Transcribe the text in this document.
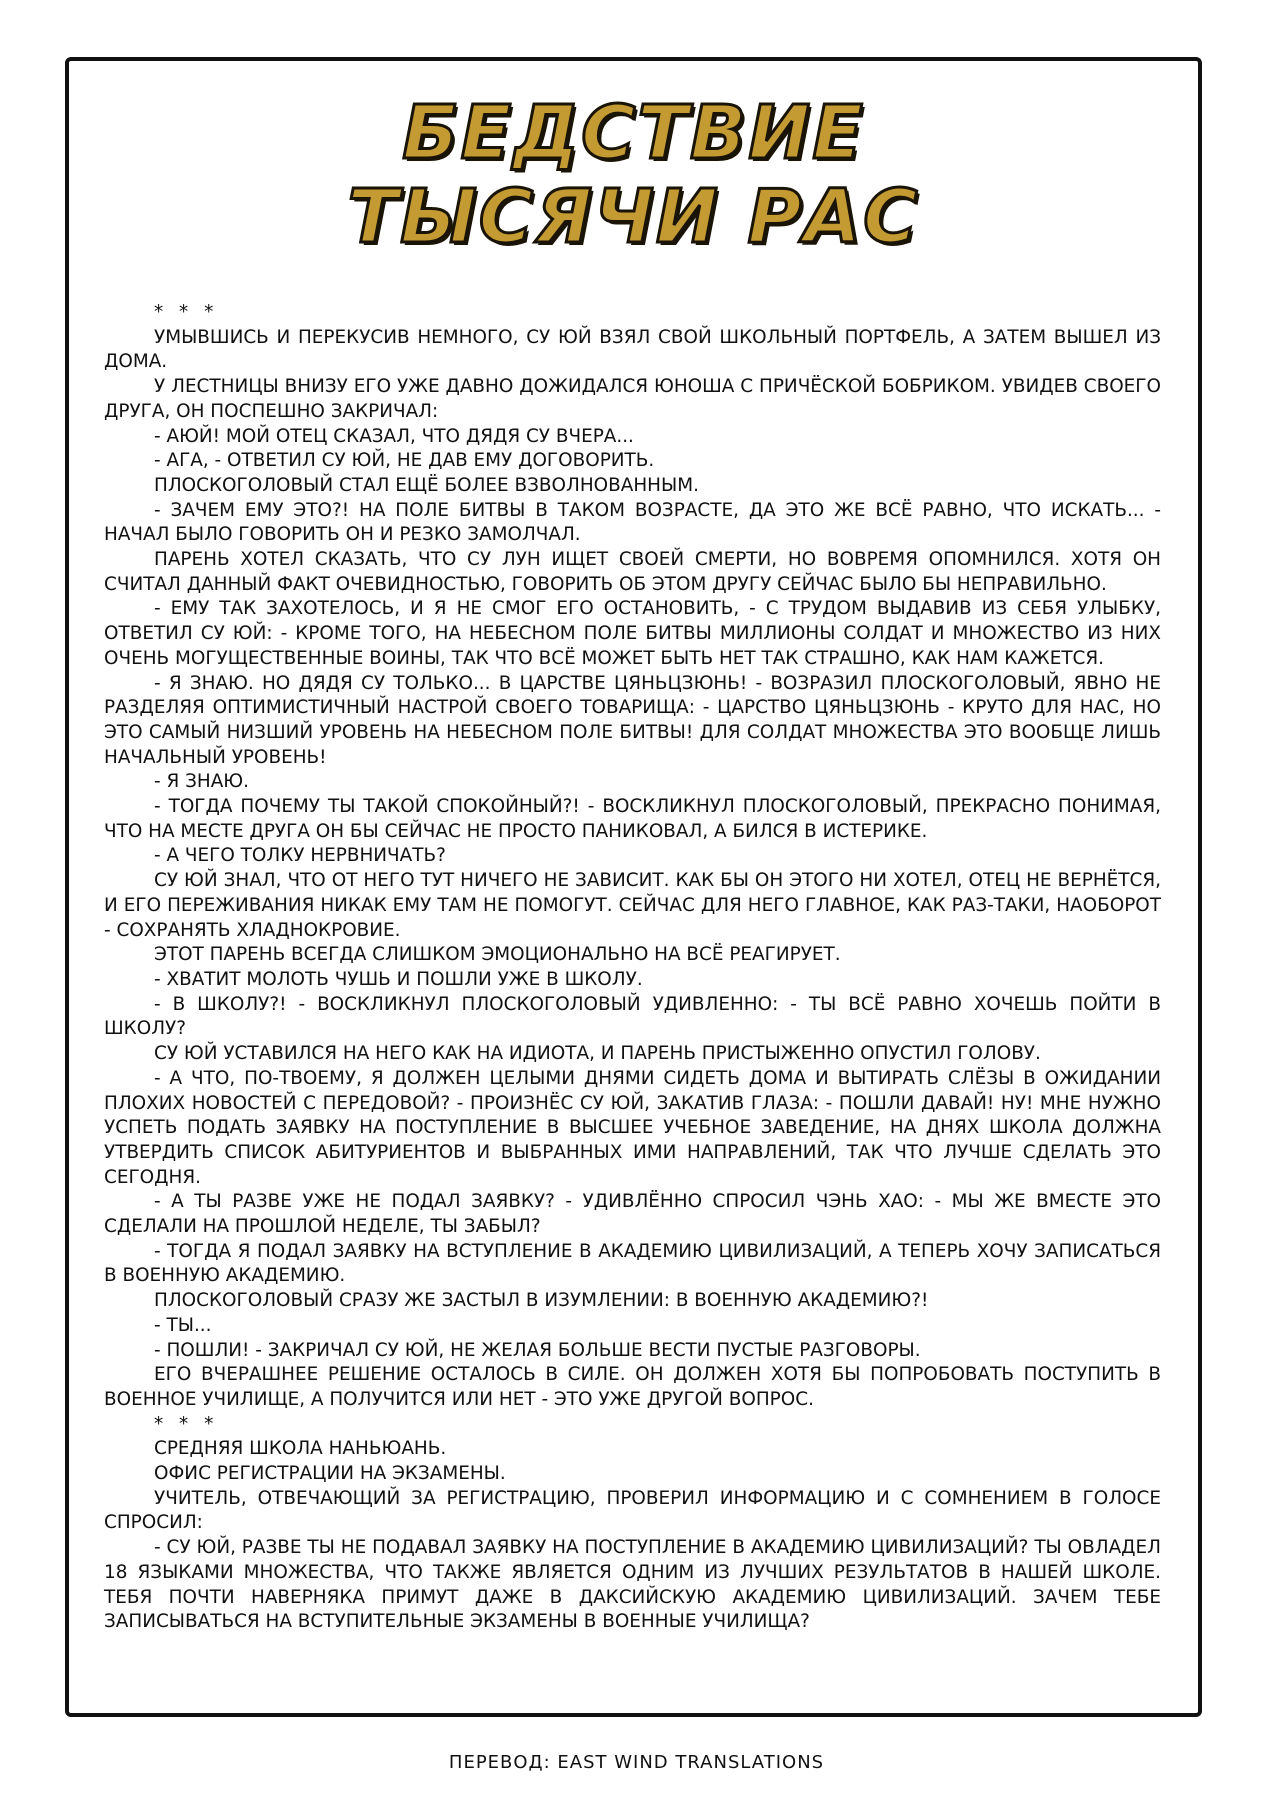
БЕДСТВИЕ
ТЫСЯЧИ РАС

* * *

УМЫВШИСЬ И ПЕРЕКУСИВ НЕМНОГО, СУ ЮЙ ВЗЯЛ СВОЙ ШКОЛЬНЫЙ ПОРТФЕЛЬ, А ЗАТЕМ ВЫШЕЛ ИЗ ДОМА.

У ЛЕСТНИЦЫ ВНИЗУ ЕГО УЖЕ ДАВНО ДОЖИДАЛСЯ ЮНОША С ПРИЧЁСКОЙ БОБРИКОМ. УВИДЕВ СВОЕГО ДРУГА, ОН ПОСПЕШНО ЗАКРИЧАЛ:

- АЮЙ! МОЙ ОТЕЦ СКАЗАЛ, ЧТО ДЯДЯ СУ ВЧЕРА...

- АГА, - ОТВЕТИЛ СУ ЮЙ, НЕ ДАВ ЕМУ ДОГОВОРИТЬ.

ПЛОСКОГОЛОВЫЙ СТАЛ ЕЩЁ БОЛЕЕ ВЗВОЛНОВАННЫМ.

- ЗАЧЕМ ЕМУ ЭТО?! НА ПОЛЕ БИТВЫ В ТАКОМ ВОЗРАСТЕ, ДА ЭТО ЖЕ ВСЁ РАВНО, ЧТО ИСКАТЬ... - НАЧАЛ БЫЛО ГОВОРИТЬ ОН И РЕЗКО ЗАМОЛЧАЛ.

ПАРЕНЬ ХОТЕЛ СКАЗАТЬ, ЧТО СУ ЛУН ИЩЕТ СВОЕЙ СМЕРТИ, НО ВОВРЕМЯ ОПОМНИЛСЯ. ХОТЯ ОН СЧИТАЛ ДАННЫЙ ФАКТ ОЧЕВИДНОСТЬЮ, ГОВОРИТЬ ОБ ЭТОМ ДРУГУ СЕЙЧАС БЫЛО БЫ НЕПРАВИЛЬНО.

- ЕМУ ТАК ЗАХОТЕЛОСЬ, И Я НЕ СМОГ ЕГО ОСТАНОВИТЬ, - С ТРУДОМ ВЫДАВИВ ИЗ СЕБЯ УЛЫБКУ, ОТВЕТИЛ СУ ЮЙ: - КРОМЕ ТОГО, НА НЕБЕСНОМ ПОЛЕ БИТВЫ МИЛЛИОНЫ СОЛДАТ И МНОЖЕСТВО ИЗ НИХ ОЧЕНЬ МОГУЩЕСТВЕННЫЕ ВОИНЫ, ТАК ЧТО ВСЁ МОЖЕТ БЫТЬ НЕТ ТАК СТРАШНО, КАК НАМ КАЖЕТСЯ.

- Я ЗНАЮ. НО ДЯДЯ СУ ТОЛЬКО... В ЦАРСТВЕ ЦЯНЬЦЗЮНЬ! - ВОЗРАЗИЛ ПЛОСКОГОЛОВЫЙ, ЯВНО НЕ РАЗДЕЛЯЯ ОПТИМИСТИЧНЫЙ НАСТРОЙ СВОЕГО ТОВАРИЩА: - ЦАРСТВО ЦЯНЬЦЗЮНЬ - КРУТО ДЛЯ НАС, НО ЭТО САМЫЙ НИЗШИЙ УРОВЕНЬ НА НЕБЕСНОМ ПОЛЕ БИТВЫ! ДЛЯ СОЛДАТ МНОЖЕСТВА ЭТО ВООБЩЕ ЛИШЬ НАЧАЛЬНЫЙ УРОВЕНЬ!

- Я ЗНАЮ.

- ТОГДА ПОЧЕМУ ТЫ ТАКОЙ СПОКОЙНЫЙ?! - ВОСКЛИКНУЛ ПЛОСКОГОЛОВЫЙ, ПРЕКРАСНО ПОНИМАЯ, ЧТО НА МЕСТЕ ДРУГА ОН БЫ СЕЙЧАС НЕ ПРОСТО ПАНИКОВАЛ, А БИЛСЯ В ИСТЕРИКЕ.

- А ЧЕГО ТОЛКУ НЕРВНИЧАТЬ?

СУ ЮЙ ЗНАЛ, ЧТО ОТ НЕГО ТУТ НИЧЕГО НЕ ЗАВИСИТ. КАК БЫ ОН ЭТОГО НИ ХОТЕЛ, ОТЕЦ НЕ ВЕРНЁТСЯ, И ЕГО ПЕРЕЖИВАНИЯ НИКАК ЕМУ ТАМ НЕ ПОМОГУТ. СЕЙЧАС ДЛЯ НЕГО ГЛАВНОЕ, КАК РАЗ-ТАКИ, НАОБОРОТ - СОХРАНЯТЬ ХЛАДНОКРОВИЕ.

ЭТОТ ПАРЕНЬ ВСЕГДА СЛИШКОМ ЭМОЦИОНАЛЬНО НА ВСЁ РЕАГИРУЕТ.

- ХВАТИТ МОЛОТЬ ЧУШЬ И ПОШЛИ УЖЕ В ШКОЛУ.

- В ШКОЛУ?! - ВОСКЛИКНУЛ ПЛОСКОГОЛОВЫЙ УДИВЛЕННО: - ТЫ ВСЁ РАВНО ХОЧЕШЬ ПОЙТИ В ШКОЛУ?

СУ ЮЙ УСТАВИЛСЯ НА НЕГО КАК НА ИДИОТА, И ПАРЕНЬ ПРИСТЫЖЕННО ОПУСТИЛ ГОЛОВУ.

- А ЧТО, ПО-ТВОЕМУ, Я ДОЛЖЕН ЦЕЛЫМИ ДНЯМИ СИДЕТЬ ДОМА И ВЫТИРАТЬ СЛЁЗЫ В ОЖИДАНИИ ПЛОХИХ НОВОСТЕЙ С ПЕРЕДОВОЙ? - ПРОИЗНЁС СУ ЮЙ, ЗАКАТИВ ГЛАЗА: - ПОШЛИ ДАВАЙ! НУ! МНЕ НУЖНО УСПЕТЬ ПОДАТЬ ЗАЯВКУ НА ПОСТУПЛЕНИЕ В ВЫСШЕЕ УЧЕБНОЕ ЗАВЕДЕНИЕ, НА ДНЯХ ШКОЛА ДОЛЖНА УТВЕРДИТЬ СПИСОК АБИТУРИЕНТОВ И ВЫБРАННЫХ ИМИ НАПРАВЛЕНИЙ, ТАК ЧТО ЛУЧШЕ СДЕЛАТЬ ЭТО СЕГОДНЯ.

- А ТЫ РАЗВЕ УЖЕ НЕ ПОДАЛ ЗАЯВКУ? - УДИВЛЁННО СПРОСИЛ ЧЭНЬ ХАО: - МЫ ЖЕ ВМЕСТЕ ЭТО СДЕЛАЛИ НА ПРОШЛОЙ НЕДЕЛЕ, ТЫ ЗАБЫЛ?

- ТОГДА Я ПОДАЛ ЗАЯВКУ НА ВСТУПЛЕНИЕ В АКАДЕМИЮ ЦИВИЛИЗАЦИЙ, А ТЕПЕРЬ ХОЧУ ЗАПИСАТЬСЯ В ВОЕННУЮ АКАДЕМИЮ.

ПЛОСКОГОЛОВЫЙ СРАЗУ ЖЕ ЗАСТЫЛ В ИЗУМЛЕНИИ: В ВОЕННУЮ АКАДЕМИЮ?!

- ТЫ...

- ПОШЛИ! - ЗАКРИЧАЛ СУ ЮЙ, НЕ ЖЕЛАЯ БОЛЬШЕ ВЕСТИ ПУСТЫЕ РАЗГОВОРЫ.

ЕГО ВЧЕРАШНЕЕ РЕШЕНИЕ ОСТАЛОСЬ В СИЛЕ. ОН ДОЛЖЕН ХОТЯ БЫ ПОПРОБОВАТЬ ПОСТУПИТЬ В ВОЕННОЕ УЧИЛИЩЕ, А ПОЛУЧИТСЯ ИЛИ НЕТ - ЭТО УЖЕ ДРУГОЙ ВОПРОС.

* * *

СРЕДНЯЯ ШКОЛА НАНЬЮАНЬ.

ОФИС РЕГИСТРАЦИИ НА ЭКЗАМЕНЫ.

УЧИТЕЛЬ, ОТВЕЧАЮЩИЙ ЗА РЕГИСТРАЦИЮ, ПРОВЕРИЛ ИНФОРМАЦИЮ И С СОМНЕНИЕМ В ГОЛОСЕ СПРОСИЛ:

- СУ ЮЙ, РАЗВЕ ТЫ НЕ ПОДАВАЛ ЗАЯВКУ НА ПОСТУПЛЕНИЕ В АКАДЕМИЮ ЦИВИЛИЗАЦИЙ? ТЫ ОВЛАДЕЛ 18 ЯЗЫКАМИ МНОЖЕСТВА, ЧТО ТАКЖЕ ЯВЛЯЕТСЯ ОДНИМ ИЗ ЛУЧШИХ РЕЗУЛЬТАТОВ В НАШЕЙ ШКОЛЕ. ТЕБЯ ПОЧТИ НАВЕРНЯКА ПРИМУТ ДАЖЕ В ДАКСИЙСКУЮ АКАДЕМИЮ ЦИВИЛИЗАЦИЙ. ЗАЧЕМ ТЕБЕ ЗАПИСЫВАТЬСЯ НА ВСТУПИТЕЛЬНЫЕ ЭКЗАМЕНЫ В ВОЕННЫЕ УЧИЛИЩА?

ПЕРЕВОД: EAST WIND TRANSLATIONS
